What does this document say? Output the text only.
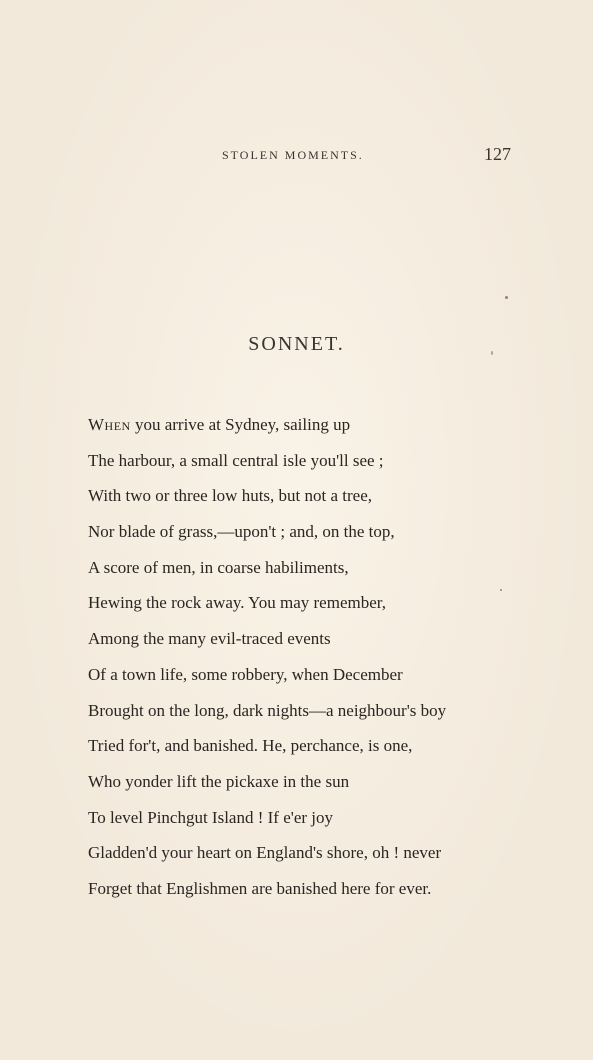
STOLEN MOMENTS.	127
SONNET.
When you arrive at Sydney, sailing up
The harbour, a small central isle you'll see ;
With two or three low huts, but not a tree,
Nor blade of grass,—upon't ; and, on the top,
A score of men, in coarse habiliments,
Hewing the rock away. You may remember,
Among the many evil-traced events
Of a town life, some robbery, when December
Brought on the long, dark nights—a neighbour's boy
Tried for't, and banished. He, perchance, is one,
Who yonder lift the pickaxe in the sun
To level Pinchgut Island ! If e'er joy
Gladden'd your heart on England's shore, oh ! never
Forget that Englishmen are banished here for ever.
